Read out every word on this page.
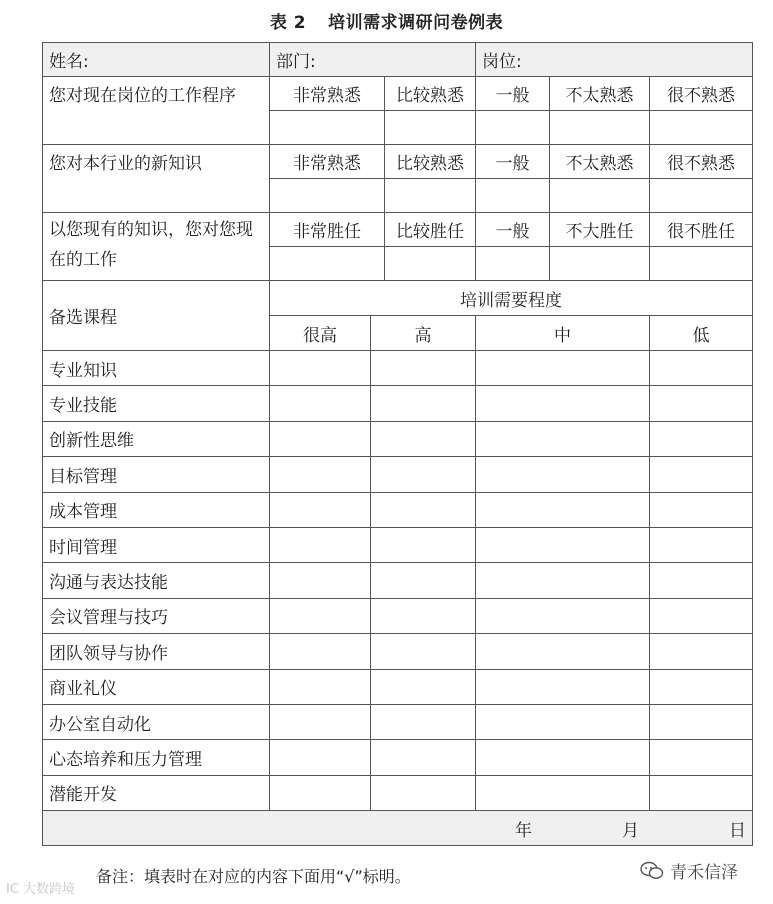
表 2 培训需求调研问卷例表
姓名:	部门:			岗位:			
您对现在岗位的工作程序	非常熟悉		比较熟悉	一般	不太熟悉	很不熟悉	

您对本行业的新知识	非常熟悉		比较熟悉	一般	不太熟悉	很不熟悉	

以您现有的知识，您对您现在的工作	非常胜任		比较胜任	一般	不大胜任	很不胜任	

备选课程	培训需要程度						
	很高	高		中		低	
专业知识							
专业技能							
创新性思维							
目标管理							
成本管理							
时间管理							
沟通与表达技能							
会议管理与技巧							
团队领导与协作							
商业礼仪							
办公室自动化							
心态培养和压力管理							
潜能开发							
年 月 日							
备注：填表时在对应的内容下面用“√”标明。
IC 大数跨境
青禾信泽
